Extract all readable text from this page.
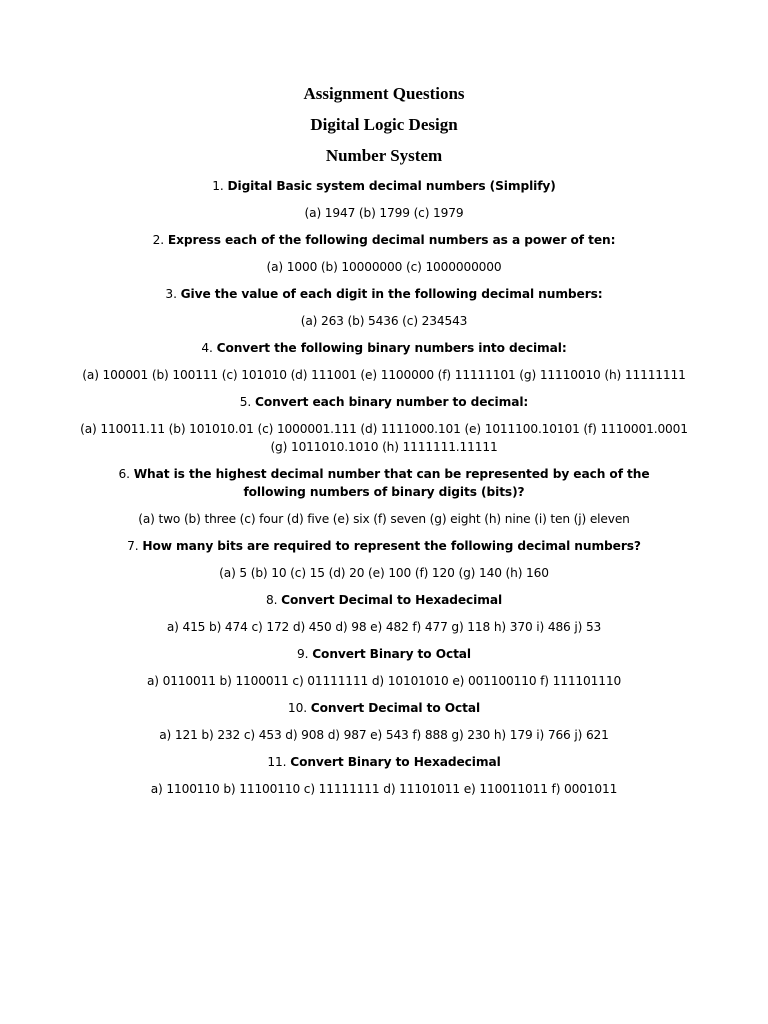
Assignment Questions
Digital Logic Design
Number System
1. Digital Basic system decimal numbers (Simplify)
(a) 1947 (b) 1799 (c) 1979
2. Express each of the following decimal numbers as a power of ten:
(a) 1000 (b) 10000000 (c) 1000000000
3. Give the value of each digit in the following decimal numbers:
(a) 263 (b) 5436 (c) 234543
4. Convert the following binary numbers into decimal:
(a) 100001 (b) 100111 (c) 101010 (d) 111001 (e) 1100000 (f) 11111101 (g) 11110010 (h) 11111111
5. Convert each binary number to decimal:
(a) 110011.11 (b) 101010.01 (c) 1000001.111 (d) 1111000.101 (e) 1011100.10101 (f) 1110001.0001 (g) 1011010.1010 (h) 1111111.11111
6. What is the highest decimal number that can be represented by each of the following numbers of binary digits (bits)?
(a) two (b) three (c) four (d) five (e) six (f) seven (g) eight (h) nine (i) ten (j) eleven
7. How many bits are required to represent the following decimal numbers?
(a) 5 (b) 10 (c) 15 (d) 20 (e) 100 (f) 120 (g) 140 (h) 160
8. Convert Decimal to Hexadecimal
a) 415 b) 474 c) 172 d) 450 d) 98 e) 482 f) 477 g) 118 h) 370 i) 486 j) 53
9. Convert Binary to Octal
a) 0110011 b) 1100011 c) 01111111 d) 10101010 e) 001100110 f) 111101110
10. Convert Decimal to Octal
a) 121 b) 232 c) 453 d) 908 d) 987 e) 543 f) 888 g) 230 h) 179 i) 766 j) 621
11. Convert Binary to Hexadecimal
a) 1100110 b) 11100110 c) 11111111 d) 11101011 e) 110011011 f) 0001011
